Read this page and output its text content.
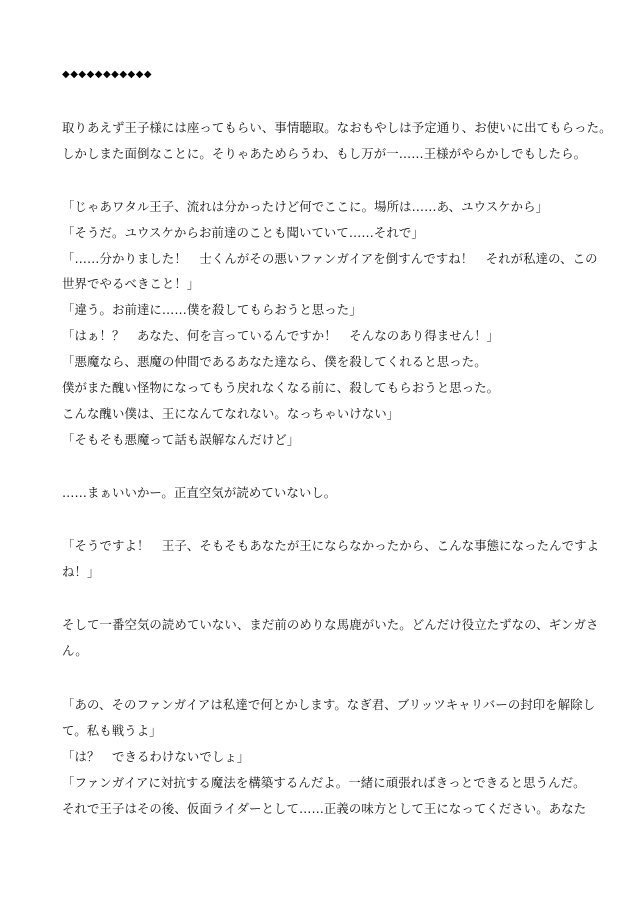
◆◆◆◆◆◆◆◆◆◆◆

取りあえず王子様には座ってもらい、事情聴取。なおもやしは予定通り、お使いに出てもらった。

しかしまた面倒なことに。そりゃあためらうわ、もし万が一……王様がやらかしでもしたら。

「じゃあワタル王子、流れは分かったけど何でここに。場所は……あ、ユウスケから」

「そうだ。ユウスケからお前達のことも聞いていて……それで」

「……分かりました！　士くんがその悪いファンガイアを倒すんですね！　それが私達の、この

世界でやるべきこと！」

「違う。お前達に……僕を殺してもらおうと思った」

「はぁ！？　あなた、何を言っているんですか！　そんなのあり得ません！」

「悪魔なら、悪魔の仲間であるあなた達なら、僕を殺してくれると思った。

僕がまた醜い怪物になってもう戻れなくなる前に、殺してもらおうと思った。

こんな醜い僕は、王になんてなれない。なっちゃいけない」

「そもそも悪魔って話も誤解なんだけど」

……まぁいいかー。正直空気が読めていないし。

「そうですよ！　王子、そもそもあなたが王にならなかったから、こんな事態になったんですよ

ね！」

そして一番空気の読めていない、まだ前のめりな馬鹿がいた。どんだけ役立たずなの、ギンガさ

ん。

「あの、そのファンガイアは私達で何とかします。なぎ君、ブリッツキャリバーの封印を解除し

て。私も戦うよ」

「は？　できるわけないでしょ」

「ファンガイアに対抗する魔法を構築するんだよ。一緒に頑張ればきっとできると思うんだ。

それで王子はその後、仮面ライダーとして……正義の味方として王になってください。あなた
